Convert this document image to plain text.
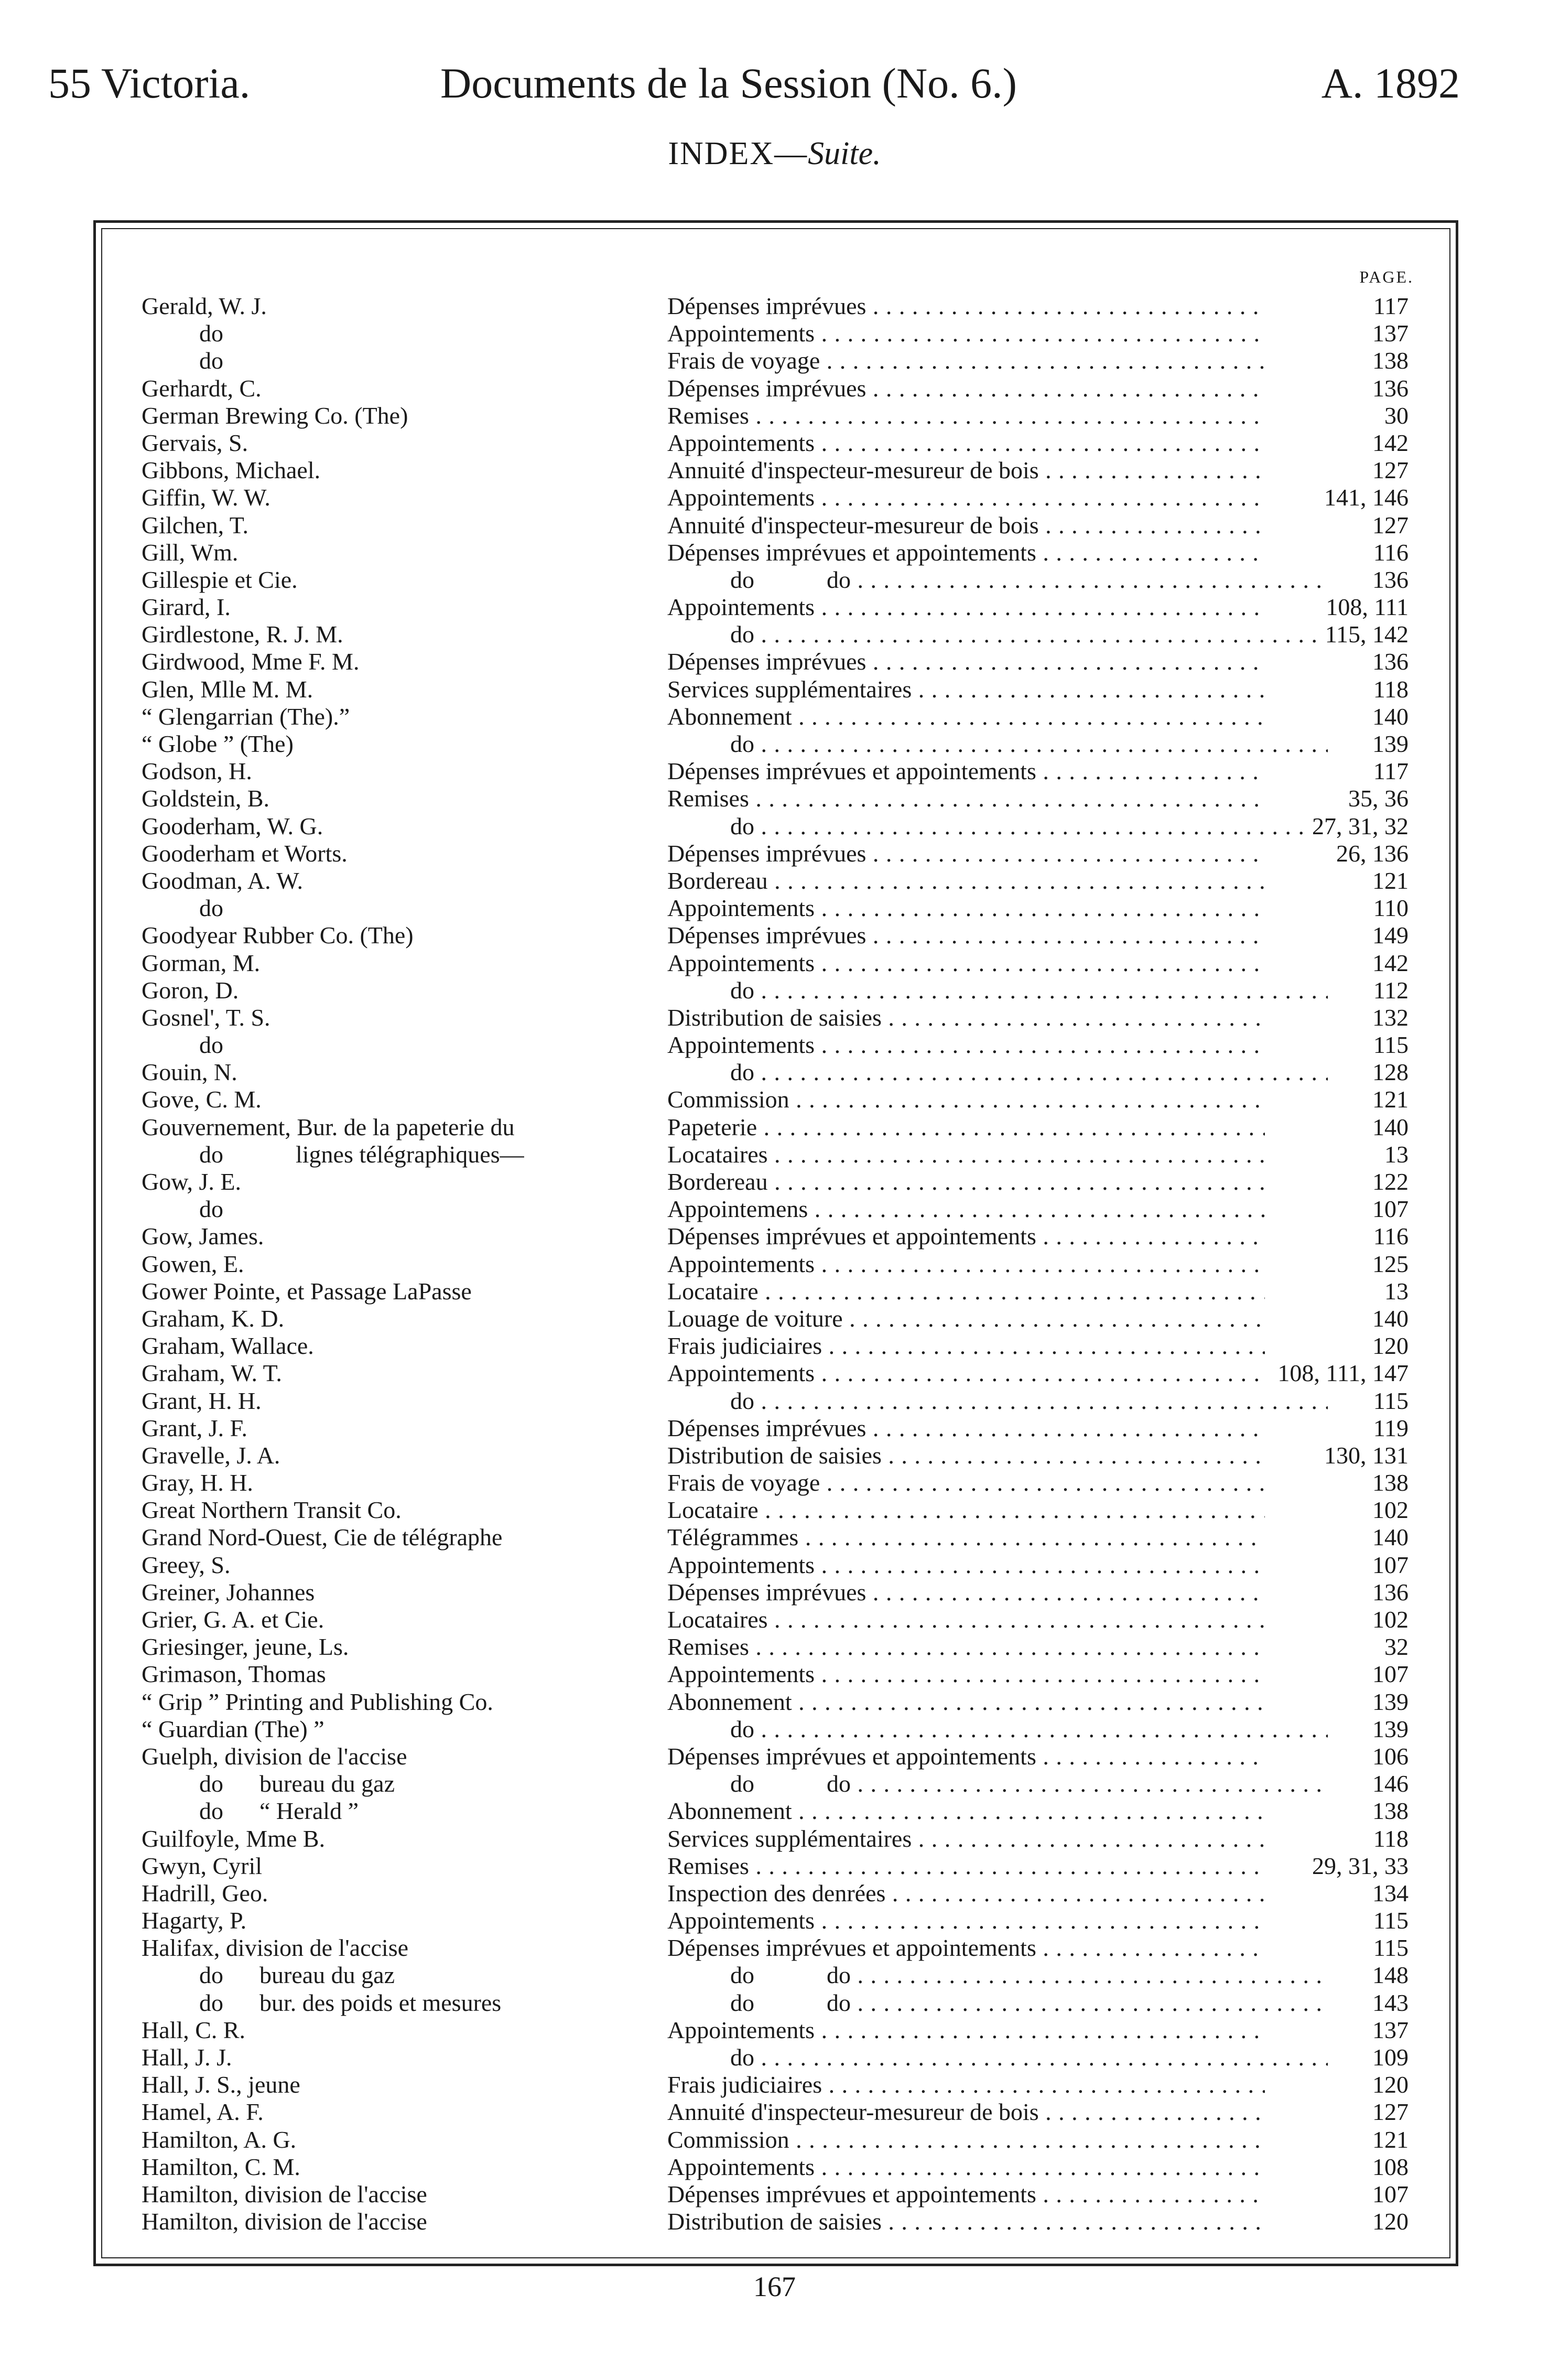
55 Victoria.	Documents de la Session (No. 6.)	A. 1892
INDEX—Suite.
PAGE.
Gerald, W. J.	Dépenses imprévues . . .	117
do	Appointements . . .	137
do	Frais de voyage . . .	138
Gerhardt, C.	Dépenses imprévues . . .	136
German Brewing Co. (The)	Remises . . .	30
Gervais, S.	Appointements . . .	142
Gibbons, Michael.	Annuité d'inspecteur-mesureur de bois . . .	127
Giffin, W. W.	Appointements . . .	141, 146
Gilchen, T.	Annuité d'inspecteur-mesureur de bois . . .	127
Gill, Wm.	Dépenses imprévues et appointements . . .	116
Gillespie et Cie.	do            do . . .	136
Girard, I.	Appointements . . .	108, 111
Girdlestone, R. J. M.	do . . .	115, 142
Girdwood, Mme F. M.	Dépenses imprévues . . .	136
Glen, Mlle M. M.	Services supplémentaires . . .	118
“ Glengarrian (The).”	Abonnement . . .	140
“ Globe ” (The)	do . . .	139
Godson, H.	Dépenses imprévues et appointements . . .	117
Goldstein, B.	Remises . . .	35, 36
Gooderham, W. G.	do . . .	27, 31, 32
Gooderham et Worts.	Dépenses imprévues . . .	26, 136
Goodman, A. W.	Bordereau . . .	121
do	Appointements . . .	110
Goodyear Rubber Co. (The)	Dépenses imprévues . . .	149
Gorman, M.	Appointements . . .	142
Goron, D.	do . . .	112
Gosnel', T. S.	Distribution de saisies . . .	132
do	Appointements . . .	115
Gouin, N.	do . . .	128
Gove, C. M.	Commission . . .	121
Gouvernement, Bur. de la papeterie du	Papeterie . . .	140
do            lignes télégraphiques—	Locataires . . .	13
Gow, J. E.	Bordereau . . .	122
do	Appointemens . . .	107
Gow, James.	Dépenses imprévues et appointements . . .	116
Gowen, E.	Appointements . . .	125
Gower Pointe, et Passage LaPasse	Locataire . . .	13
Graham, K. D.	Louage de voiture . . .	140
Graham, Wallace.	Frais judiciaires . . .	120
Graham, W. T.	Appointements . . .	108, 111, 147
Grant, H. H.	do . . .	115
Grant, J. F.	Dépenses imprévues . . .	119
Gravelle, J. A.	Distribution de saisies . . .	130, 131
Gray, H. H.	Frais de voyage . . .	138
Great Northern Transit Co.	Locataire . . .	102
Grand Nord-Ouest, Cie de télégraphe	Télégrammes . . .	140
Greey, S.	Appointements . . .	107
Greiner, Johannes	Dépenses imprévues . . .	136
Grier, G. A. et Cie.	Locataires . . .	102
Griesinger, jeune, Ls.	Remises . . .	32
Grimason, Thomas	Appointements . . .	107
“ Grip ” Printing and Publishing Co.	Abonnement . . .	139
“ Guardian (The) ”	do . . .	139
Guelph, division de l'accise	Dépenses imprévues et appointements . . .	106
do      bureau du gaz	do            do . . .	146
do      “ Herald ”	Abonnement . . .	138
Guilfoyle, Mme B.	Services supplémentaires . . .	118
Gwyn, Cyril	Remises . . .	29, 31, 33
Hadrill, Geo.	Inspection des denrées . . .	134
Hagarty, P.	Appointements . . .	115
Halifax, division de l'accise	Dépenses imprévues et appointements . . .	115
do      bureau du gaz	do            do . . .	148
do      bur. des poids et mesures	do            do . . .	143
Hall, C. R.	Appointements . . .	137
Hall, J. J.	do . . .	109
Hall, J. S., jeune	Frais judiciaires . . .	120
Hamel, A. F.	Annuité d'inspecteur-mesureur de bois . . .	127
Hamilton, A. G.	Commission . . .	121
Hamilton, C. M.	Appointements . . .	108
Hamilton, division de l'accise	Dépenses imprévues et appointements . . .	107
Hamilton, division de l'accise	Distribution de saisies . . .	120
167
